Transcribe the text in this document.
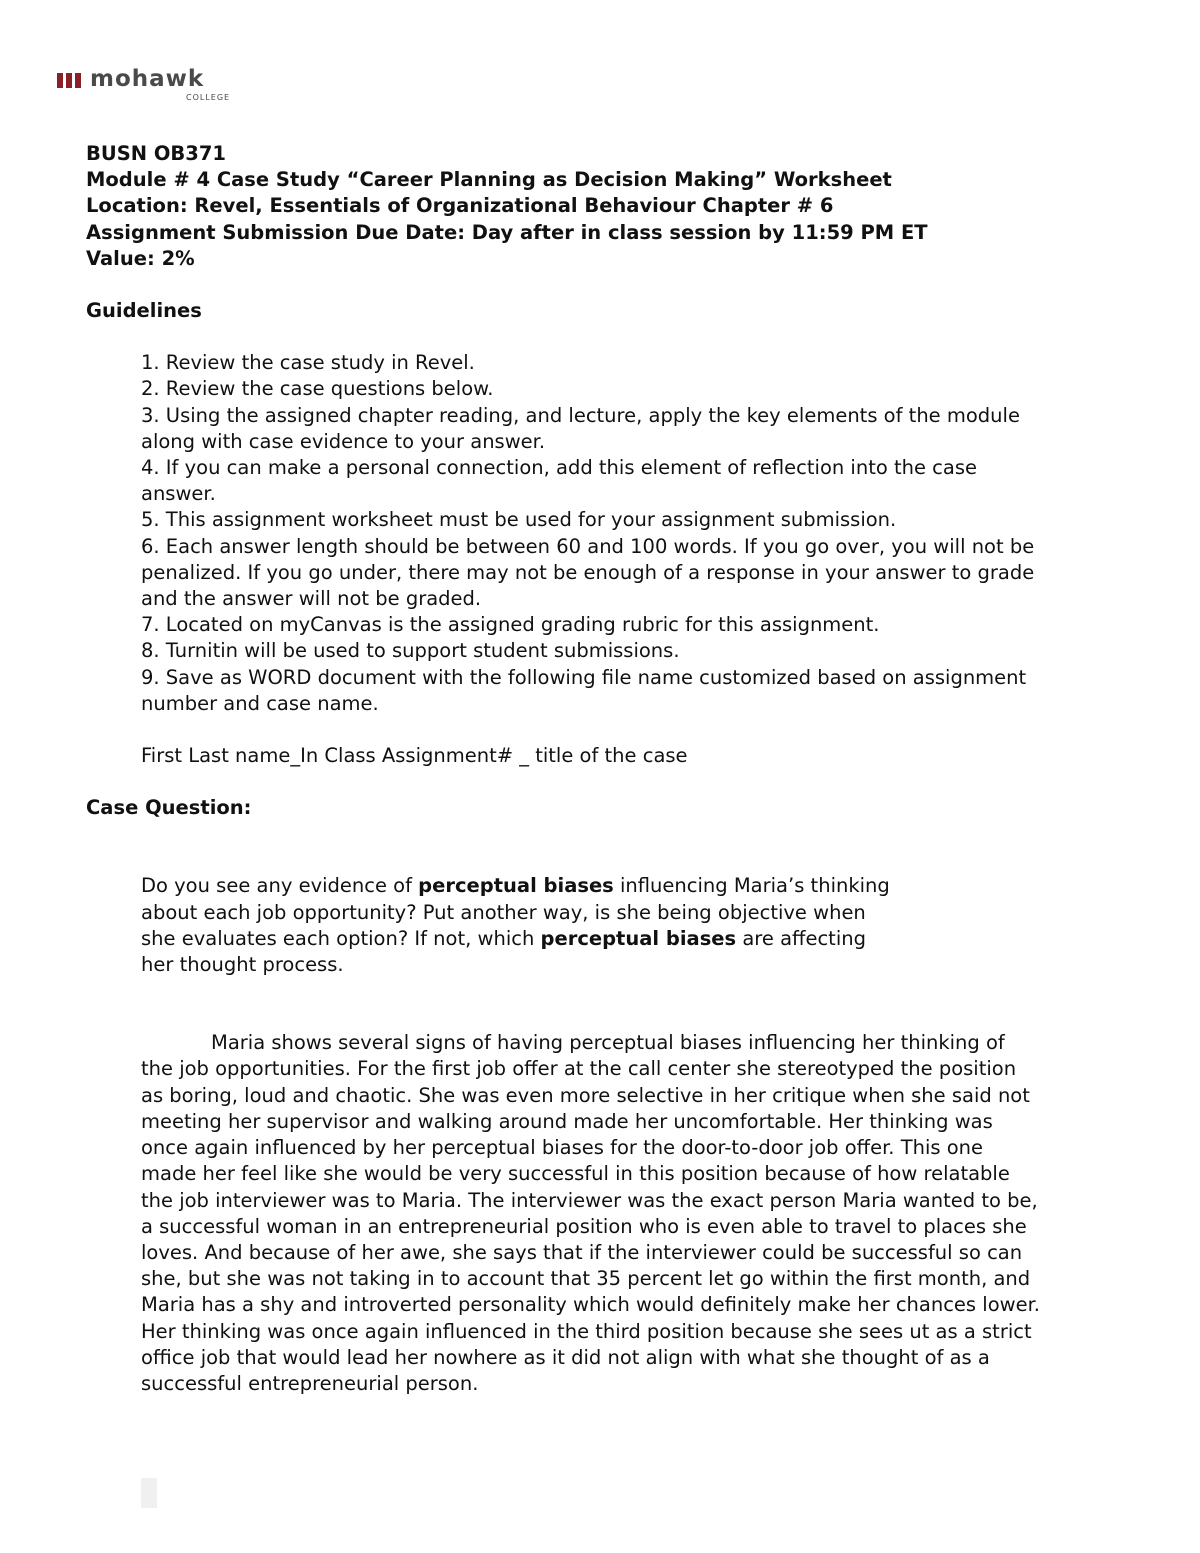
mohawk
COLLEGE
BUSN OB371
Module # 4 Case Study “Career Planning as Decision Making” Worksheet
Location: Revel, Essentials of Organizational Behaviour Chapter # 6
Assignment Submission Due Date: Day after in class session by 11:59 PM ET
Value: 2%
Guidelines
1. Review the case study in Revel.
2. Review the case questions below.
3. Using the assigned chapter reading, and lecture, apply the key elements of the module along with case evidence to your answer.
4. If you can make a personal connection, add this element of reflection into the case answer.
5. This assignment worksheet must be used for your assignment submission.
6. Each answer length should be between 60 and 100 words. If you go over, you will not be penalized. If you go under, there may not be enough of a response in your answer to grade and the answer will not be graded.
7. Located on myCanvas is the assigned grading rubric for this assignment.
8. Turnitin will be used to support student submissions.
9. Save as WORD document with the following file name customized based on assignment number and case name.
First Last name_In Class Assignment# _ title of the case
Case Question:
Do you see any evidence of perceptual biases influencing Maria’s thinking about each job opportunity? Put another way, is she being objective when she evaluates each option? If not, which perceptual biases are affecting her thought process.
Maria shows several signs of having perceptual biases influencing her thinking of the job opportunities. For the first job offer at the call center she stereotyped the position as boring, loud and chaotic. She was even more selective in her critique when she said not meeting her supervisor and walking around made her uncomfortable. Her thinking was once again influenced by her perceptual biases for the door-to-door job offer. This one made her feel like she would be very successful in this position because of how relatable the job interviewer was to Maria. The interviewer was the exact person Maria wanted to be, a successful woman in an entrepreneurial position who is even able to travel to places she loves. And because of her awe, she says that if the interviewer could be successful so can she, but she was not taking in to account that 35 percent let go within the first month, and Maria has a shy and introverted personality which would definitely make her chances lower. Her thinking was once again influenced in the third position because she sees ut as a strict office job that would lead her nowhere as it did not align with what she thought of as a successful entrepreneurial person.
